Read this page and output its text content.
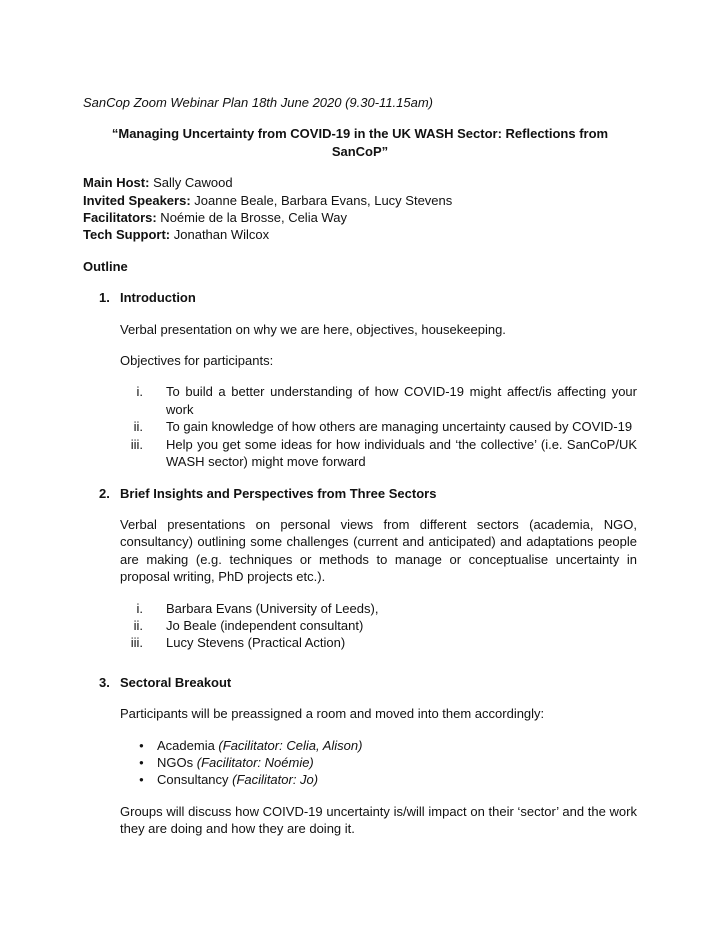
SanCop Zoom Webinar Plan 18th June 2020 (9.30-11.15am)

“Managing Uncertainty from COVID-19 in the UK WASH Sector: Reflections from SanCoP”

Main Host: Sally Cawood

Invited Speakers: Joanne Beale, Barbara Evans, Lucy Stevens

Facilitators: Noémie de la Brosse, Celia Way

Tech Support: Jonathan Wilcox

Outline

1. Introduction

Verbal presentation on why we are here, objectives, housekeeping.

Objectives for participants:

i. To build a better understanding of how COVID-19 might affect/is affecting your work
ii. To gain knowledge of how others are managing uncertainty caused by COVID-19
iii. Help you get some ideas for how individuals and ‘the collective’ (i.e. SanCoP/UK WASH sector) might move forward
2. Brief Insights and Perspectives from Three Sectors

Verbal presentations on personal views from different sectors (academia, NGO, consultancy) outlining some challenges (current and anticipated) and adaptations people are making (e.g. techniques or methods to manage or conceptualise uncertainty in proposal writing, PhD projects etc.).

i. Barbara Evans (University of Leeds),
ii. Jo Beale (independent consultant)
iii. Lucy Stevens (Practical Action)
3. Sectoral Breakout

Participants will be preassigned a room and moved into them accordingly:

●	Academia (Facilitator: Celia, Alison)
●	NGOs (Facilitator: Noémie)
●	Consultancy (Facilitator: Jo)

Groups will discuss how COIVD-19 uncertainty is/will impact on their ‘sector’ and the work they are doing and how they are doing it.
